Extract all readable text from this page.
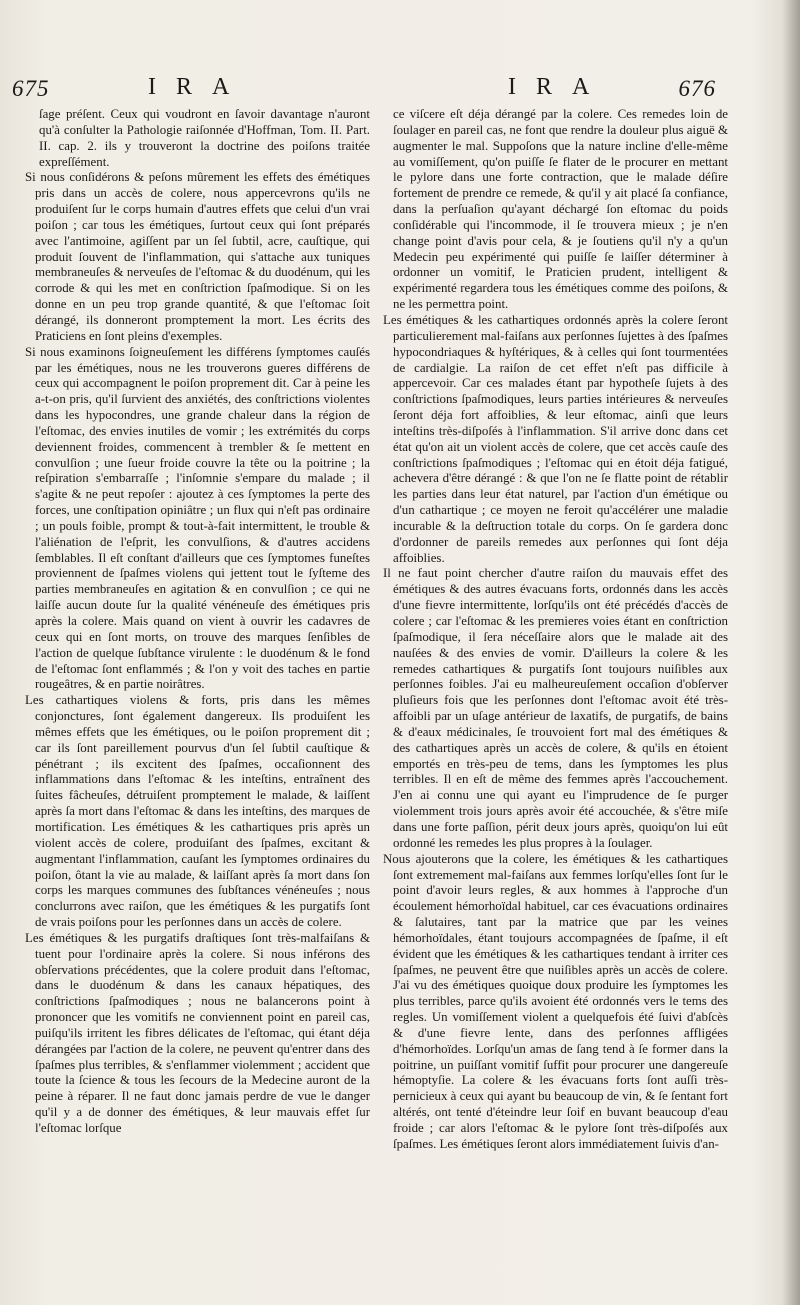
675	IRA	IRA	676

ſage préſent. Ceux qui voudront en ſavoir davantage n'auront qu'à conſulter la Pathologie raiſonnée d'Hoffman, Tom. II. Part. II. cap. 2. ils y trouveront la doctrine des poiſons traitée expreſſément.

Si nous conſidérons & peſons mûrement les effets des émétiques pris dans un accès de colere, nous appercevrons qu'ils ne produiſent ſur le corps humain d'autres effets que celui d'un vrai poiſon ; car tous les émétiques, ſurtout ceux qui ſont préparés avec l'antimoine, agiſſent par un ſel ſubtil, acre, cauſtique, qui produit ſouvent de l'inflammation, qui s'attache aux tuniques membraneuſes & nerveuſes de l'eſtomac & du duodénum, qui les corrode & qui les met en conſtriction ſpaſmodique. Si on les donne en un peu trop grande quantité, & que l'eſtomac ſoit dérangé, ils donneront promptement la mort. Les écrits des Praticiens en ſont pleins d'exemples.

Si nous examinons ſoigneuſement les différens ſymptomes cauſés par les émétiques, nous ne les trouverons gueres différens de ceux qui accompagnent le poiſon proprement dit. Car à peine les a-t-on pris, qu'il ſurvient des anxiétés, des conſtrictions violentes dans les hypocondres, une grande chaleur dans la région de l'eſtomac, des envies inutiles de vomir ; les extrémités du corps deviennent froides, commencent à trembler & ſe mettent en convulſion ; une ſueur froide couvre la tête ou la poitrine ; la reſpiration s'embarraſſe ; l'inſomnie s'empare du malade ; il s'agite & ne peut repoſer : ajoutez à ces ſymptomes la perte des forces, une conſtipation opiniâtre ; un flux qui n'eſt pas ordinaire ; un pouls foible, prompt & tout-à-fait intermittent, le trouble & l'aliénation de l'eſprit, les convulſions, & d'autres accidens ſemblables. Il eſt conſtant d'ailleurs que ces ſymptomes funeſtes proviennent de ſpaſmes violens qui jettent tout le ſyſteme des parties membraneuſes en agitation & en convulſion ; ce qui ne laiſſe aucun doute ſur la qualité vénéneuſe des émétiques pris après la colere. Mais quand on vient à ouvrir les cadavres de ceux qui en ſont morts, on trouve des marques ſenſibles de l'action de quelque ſubſtance virulente : le duodénum & le fond de l'eſtomac ſont enflammés ; & l'on y voit des taches en partie rougeâtres, & en partie noirâtres.

Les cathartiques violens & forts, pris dans les mêmes conjonctures, ſont également dangereux. Ils produiſent les mêmes effets que les émétiques, ou le poiſon proprement dit ; car ils ſont pareillement pourvus d'un ſel ſubtil cauſtique & pénétrant ; ils excitent des ſpaſmes, occaſionnent des inflammations dans l'eſtomac & les inteſtins, entraînent des ſuites fâcheuſes, détruiſent promptement le malade, & laiſſent après ſa mort dans l'eſtomac & dans les inteſtins, des marques de mortification. Les émétiques & les cathartiques pris après un violent accès de colere, produiſant des ſpaſmes, excitant & augmentant l'inflammation, cauſant les ſymptomes ordinaires du poiſon, ôtant la vie au malade, & laiſſant après ſa mort dans ſon corps les marques communes des ſubſtances vénéneuſes ; nous conclurrons avec raiſon, que les émétiques & les purgatifs ſont de vrais poiſons pour les perſonnes dans un accès de colere.

Les émétiques & les purgatifs draſtiques ſont très-malfaiſans & tuent pour l'ordinaire après la colere. Si nous inférons des obſervations précédentes, que la colere produit dans l'eſtomac, dans le duodénum & dans les canaux hépatiques, des conſtrictions ſpaſmodiques ; nous ne balancerons point à prononcer que les vomitifs ne conviennent point en pareil cas, puiſqu'ils irritent les fibres délicates de l'eſtomac, qui étant déja dérangées par l'action de la colere, ne peuvent qu'entrer dans des ſpaſmes plus terribles, & s'enflammer violemment ; accident que toute la ſcience & tous les ſecours de la Medecine auront de la peine à réparer. Il ne faut donc jamais perdre de vue le danger qu'il y a de donner des émétiques, & leur mauvais effet ſur l'eſtomac lorſque

ce viſcere eſt déja dérangé par la colere. Ces remedes loin de ſoulager en pareil cas, ne font que rendre la douleur plus aiguë & augmenter le mal. Suppoſons que la nature incline d'elle-même au vomiſſement, qu'on puiſſe ſe flater de le procurer en mettant le pylore dans une forte contraction, que le malade déſire fortement de prendre ce remede, & qu'il y ait placé ſa confiance, dans la perſuaſion qu'ayant déchargé ſon eſtomac du poids conſidérable qui l'incommode, il ſe trouvera mieux ; je n'en change point d'avis pour cela, & je ſoutiens qu'il n'y a qu'un Medecin peu expérimenté qui puiſſe ſe laiſſer déterminer à ordonner un vomitif, le Praticien prudent, intelligent & expérimenté regardera tous les émétiques comme des poiſons, & ne les permettra point.

Les émétiques & les cathartiques ordonnés après la colere ſeront particulierement mal-faiſans aux perſonnes ſujettes à des ſpaſmes hypocondriaques & hyſtériques, & à celles qui ſont tourmentées de cardialgie. La raiſon de cet effet n'eſt pas difficile à appercevoir. Car ces malades étant par hypotheſe ſujets à des conſtrictions ſpaſmodiques, leurs parties intérieures & nerveuſes ſeront déja fort affoiblies, & leur eſtomac, ainſi que leurs inteſtins très-diſpoſés à l'inflammation. S'il arrive donc dans cet état qu'on ait un violent accès de colere, que cet accès cauſe des conſtrictions ſpaſmodiques ; l'eſtomac qui en étoit déja fatigué, achevera d'être dérangé : & que l'on ne ſe flatte point de rétablir les parties dans leur état naturel, par l'action d'un émétique ou d'un cathartique ; ce moyen ne feroit qu'accélérer une maladie incurable & la deſtruction totale du corps. On ſe gardera donc d'ordonner de pareils remedes aux perſonnes qui ſont déja affoiblies.

Il ne faut point chercher d'autre raiſon du mauvais effet des émétiques & des autres évacuans forts, ordonnés dans les accès d'une fievre intermittente, lorſqu'ils ont été précédés d'accès de colere ; car l'eſtomac & les premieres voies étant en conſtriction ſpaſmodique, il ſera néceſſaire alors que le malade ait des nauſées & des envies de vomir. D'ailleurs la colere & les remedes cathartiques & purgatifs ſont toujours nuiſibles aux perſonnes foibles. J'ai eu malheureuſement occaſion d'obſerver pluſieurs fois que les perſonnes dont l'eſtomac avoit été très-affoibli par un uſage antérieur de laxatifs, de purgatifs, de bains & d'eaux médicinales, ſe trouvoient fort mal des émétiques & des cathartiques après un accès de colere, & qu'ils en étoient emportés en très-peu de tems, dans les ſymptomes les plus terribles. Il en eſt de même des femmes après l'accouchement. J'en ai connu une qui ayant eu l'imprudence de ſe purger violemment trois jours après avoir été accouchée, & s'être miſe dans une forte paſſion, périt deux jours après, quoiqu'on lui eût ordonné les remedes les plus propres à la ſoulager.

Nous ajouterons que la colere, les émétiques & les cathartiques ſont extremement mal-faiſans aux femmes lorſqu'elles ſont ſur le point d'avoir leurs regles, & aux hommes à l'approche d'un écoulement hémorhoïdal habituel, car ces évacuations ordinaires & ſalutaires, tant par la matrice que par les veines hémorhoïdales, étant toujours accompagnées de ſpaſme, il eſt évident que les émétiques & les cathartiques tendant à irriter ces ſpaſmes, ne peuvent être que nuiſibles après un accès de colere. J'ai vu des émétiques quoique doux produire les ſymptomes les plus terribles, parce qu'ils avoient été ordonnés vers le tems des regles. Un vomiſſement violent a quelquefois été ſuivi d'abſcès & d'une fievre lente, dans des perſonnes affligées d'hémorhoïdes. Lorſqu'un amas de ſang tend à ſe former dans la poitrine, un puiſſant vomitif ſuffit pour procurer une dangereuſe hémoptyſie. La colere & les évacuans forts ſont auſſi très-pernicieux à ceux qui ayant bu beaucoup de vin, & ſe ſentant fort altérés, ont tenté d'éteindre leur ſoif en buvant beaucoup d'eau froide ; car alors l'eſtomac & le pylore ſont très-diſpoſés aux ſpaſmes. Les émétiques ſeront alors immédiatement ſuivis d'an-
